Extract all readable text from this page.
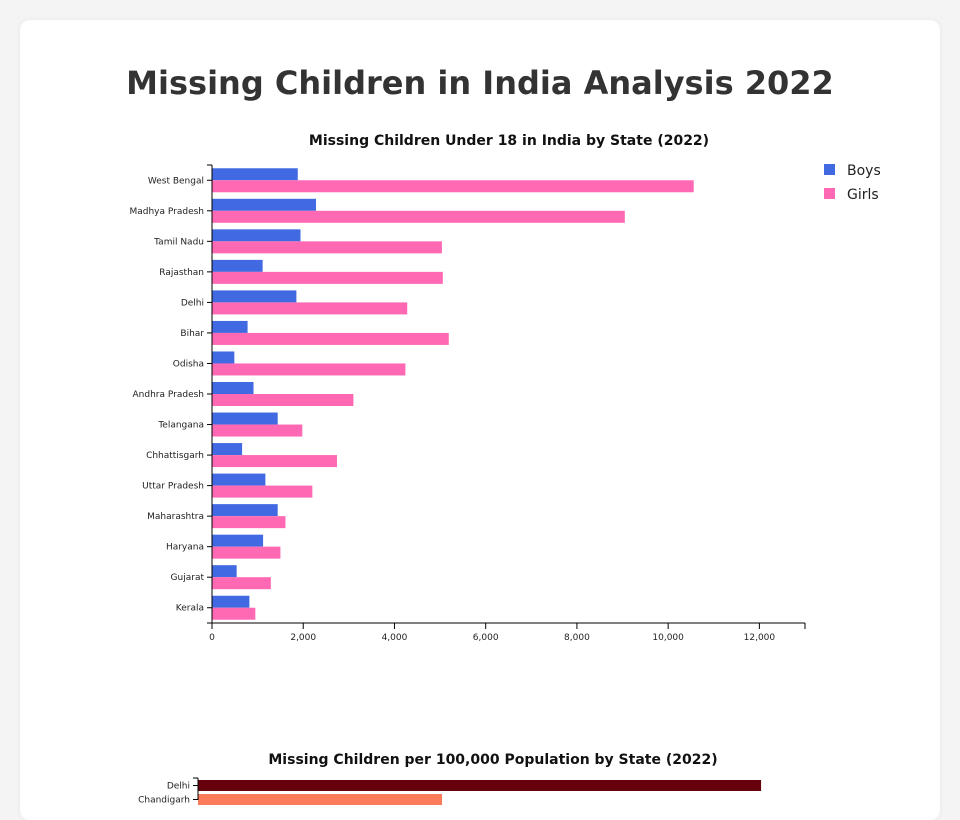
Missing Children in India Analysis 2022
Missing Children Under 18 in India by State (2022)
West Bengal
Madhya Pradesh
Tamil Nadu
Rajasthan
Delhi
Bihar
Odisha
Andhra Pradesh
Telangana
Chhattisgarh
Uttar Pradesh
Maharashtra
Haryana
Gujarat
Kerala
0	2,000	4,000	6,000	8,000	10,000	12,000
Boys
Girls
Missing Children per 100,000 Population by State (2022)
Delhi
Chandigarh
